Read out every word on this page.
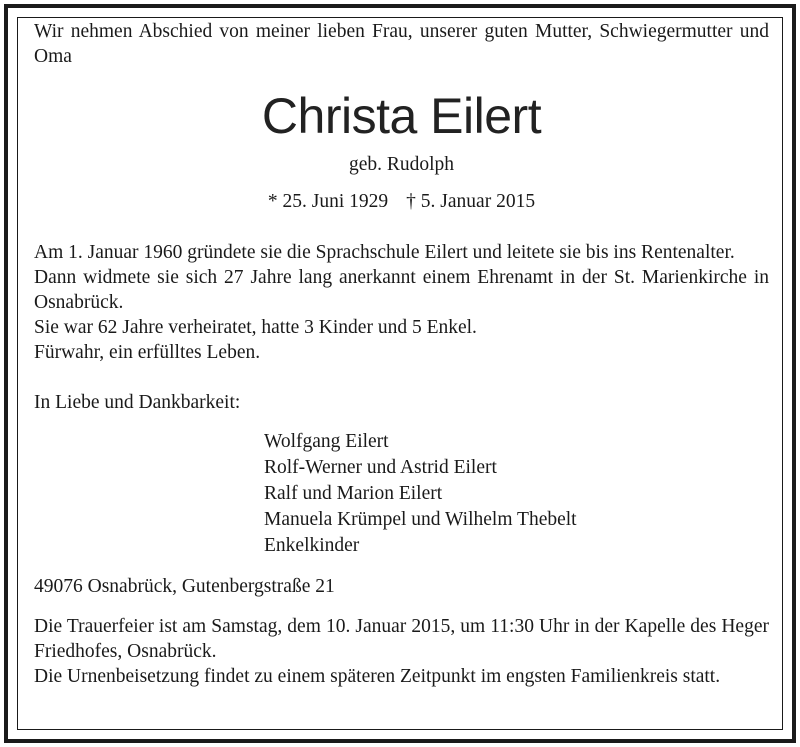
Wir nehmen Abschied von meiner lieben Frau, unserer guten Mutter, Schwiegermutter und Oma

Christa Eilert
geb. Rudolph
* 25. Juni 1929 † 5. Januar 2015

Am 1. Januar 1960 gründete sie die Sprachschule Eilert und leitete sie bis ins Rentenalter.

Dann widmete sie sich 27 Jahre lang anerkannt einem Ehrenamt in der St. Marienkirche in Osnabrück.

Sie war 62 Jahre verheiratet, hatte 3 Kinder und 5 Enkel.

Fürwahr, ein erfülltes Leben.

In Liebe und Dankbarkeit:

Wolfgang Eilert
Rolf-Werner und Astrid Eilert
Ralf und Marion Eilert
Manuela Krümpel und Wilhelm Thebelt
Enkelkinder

49076 Osnabrück, Gutenbergstraße 21

Die Trauerfeier ist am Samstag, dem 10. Januar 2015, um 11:30 Uhr in der Kapelle des Heger Friedhofes, Osnabrück.

Die Urnenbeisetzung findet zu einem späteren Zeitpunkt im engsten Familienkreis statt.
